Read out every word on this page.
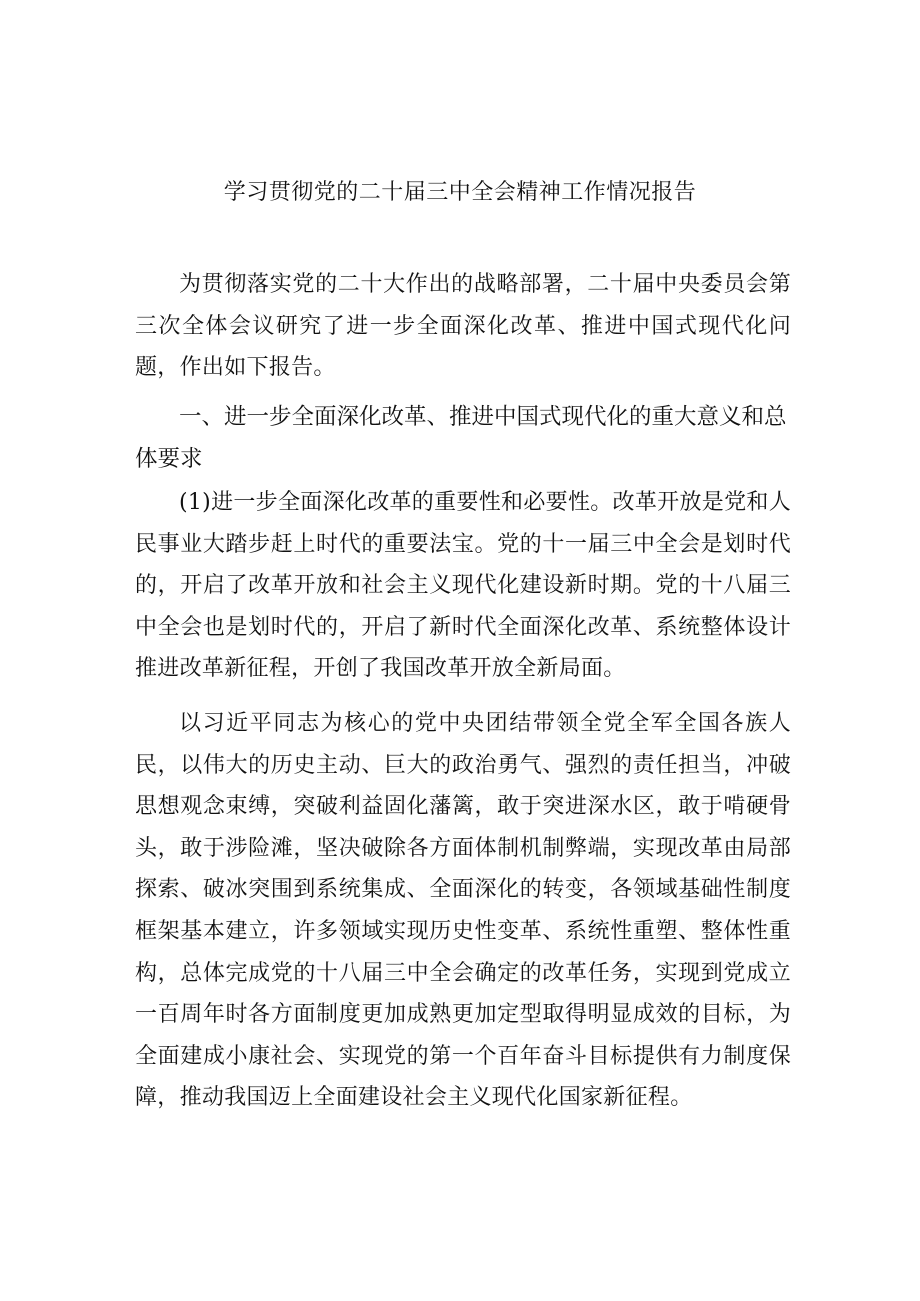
学习贯彻党的二十届三中全会精神工作情况报告

为贯彻落实党的二十大作出的战略部署，二十届中央委员会第三次全体会议研究了进一步全面深化改革、推进中国式现代化问题，作出如下报告。

一、进一步全面深化改革、推进中国式现代化的重大意义和总体要求

(1)进一步全面深化改革的重要性和必要性。改革开放是党和人民事业大踏步赶上时代的重要法宝。党的十一届三中全会是划时代的，开启了改革开放和社会主义现代化建设新时期。党的十八届三中全会也是划时代的，开启了新时代全面深化改革、系统整体设计推进改革新征程，开创了我国改革开放全新局面。

以习近平同志为核心的党中央团结带领全党全军全国各族人民，以伟大的历史主动、巨大的政治勇气、强烈的责任担当，冲破思想观念束缚，突破利益固化藩篱，敢于突进深水区，敢于啃硬骨头，敢于涉险滩，坚决破除各方面体制机制弊端，实现改革由局部探索、破冰突围到系统集成、全面深化的转变，各领域基础性制度框架基本建立，许多领域实现历史性变革、系统性重塑、整体性重构，总体完成党的十八届三中全会确定的改革任务，实现到党成立一百周年时各方面制度更加成熟更加定型取得明显成效的目标，为全面建成小康社会、实现党的第一个百年奋斗目标提供有力制度保障，推动我国迈上全面建设社会主义现代化国家新征程。
